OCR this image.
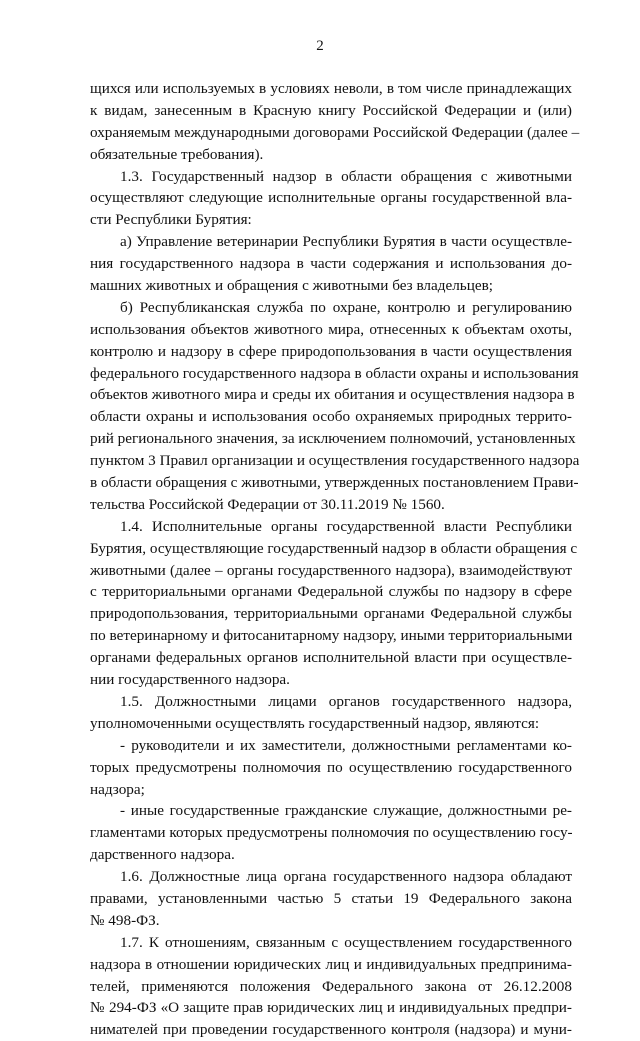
2
щихся или используемых в условиях неволи, в том числе принадлежащих
к видам, занесенным в Красную книгу Российской Федерации и (или)
охраняемым международными договорами Российской Федерации (далее –
обязательные требования).
1.3. Государственный надзор в области обращения с животными
осуществляют следующие исполнительные органы государственной вла-
сти Республики Бурятия:
а) Управление ветеринарии Республики Бурятия в части осуществле-
ния государственного надзора в части содержания и использования до-
машних животных и обращения с животными без владельцев;
б) Республиканская служба по охране, контролю и регулированию
использования объектов животного мира, отнесенных к объектам охоты,
контролю и надзору в сфере природопользования в части осуществления
федерального государственного надзора в области охраны и использования
объектов животного мира и среды их обитания и осуществления надзора в
области охраны и использования особо охраняемых природных террито-
рий регионального значения, за исключением полномочий, установленных
пунктом 3 Правил организации и осуществления государственного надзора
в области обращения с животными, утвержденных постановлением Прави-
тельства Российской Федерации от 30.11.2019 № 1560.
1.4. Исполнительные органы государственной власти Республики
Бурятия, осуществляющие государственный надзор в области обращения с
животными (далее – органы государственного надзора), взаимодействуют
с территориальными органами Федеральной службы по надзору в сфере
природопользования, территориальными органами Федеральной службы
по ветеринарному и фитосанитарному надзору, иными территориальными
органами федеральных органов исполнительной власти при осуществле-
нии государственного надзора.
1.5. Должностными лицами органов государственного надзора,
уполномоченными осуществлять государственный надзор, являются:
- руководители и их заместители, должностными регламентами ко-
торых предусмотрены полномочия по осуществлению государственного
надзора;
- иные государственные гражданские служащие, должностными ре-
гламентами которых предусмотрены полномочия по осуществлению госу-
дарственного надзора.
1.6. Должностные лица органа государственного надзора обладают
правами, установленными частью 5 статьи 19 Федерального закона
№ 498-ФЗ.
1.7. К отношениям, связанным с осуществлением государственного
надзора в отношении юридических лиц и индивидуальных предпринима-
телей, применяются положения Федерального закона от 26.12.2008
№ 294-ФЗ «О защите прав юридических лиц и индивидуальных предпри-
нимателей при проведении государственного контроля (надзора) и муни-
